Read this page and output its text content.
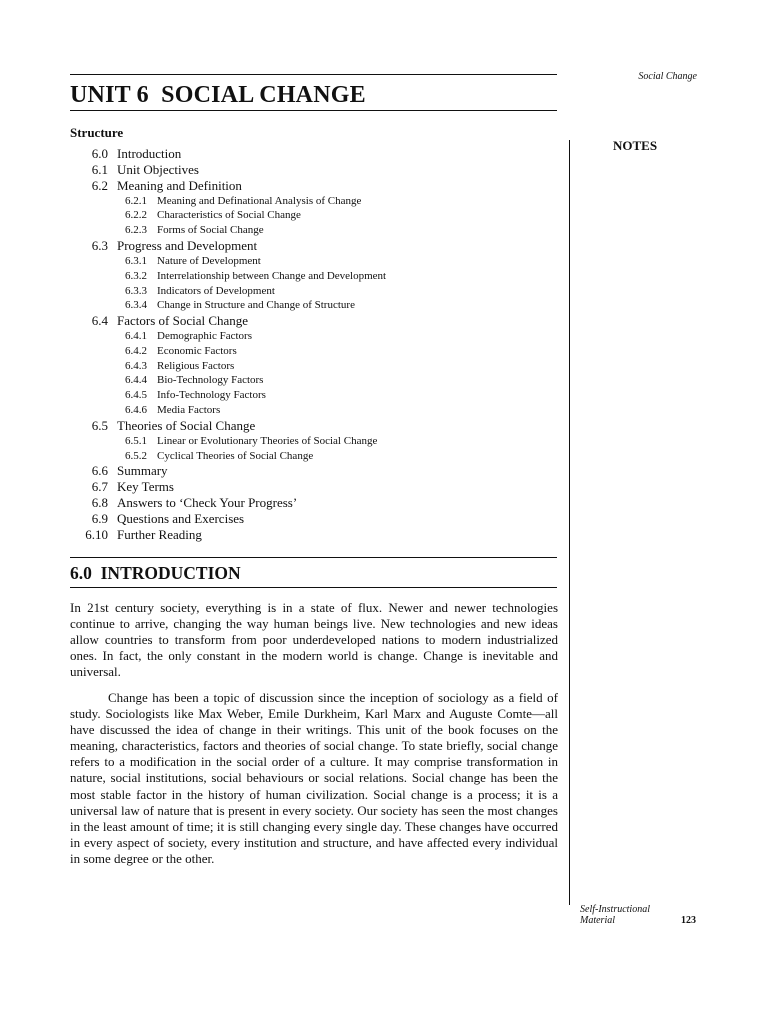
Social Change
UNIT 6  SOCIAL CHANGE
NOTES
Structure
6.0 Introduction
6.1 Unit Objectives
6.2 Meaning and Definition
6.2.1 Meaning and Definational Analysis of Change
6.2.2 Characteristics of Social Change
6.2.3 Forms of Social Change
6.3 Progress and Development
6.3.1 Nature of Development
6.3.2 Interrelationship between Change and Development
6.3.3 Indicators of Development
6.3.4 Change in Structure and Change of Structure
6.4 Factors of Social Change
6.4.1 Demographic Factors
6.4.2 Economic Factors
6.4.3 Religious Factors
6.4.4 Bio-Technology Factors
6.4.5 Info-Technology Factors
6.4.6 Media Factors
6.5 Theories of Social Change
6.5.1 Linear or Evolutionary Theories of Social Change
6.5.2 Cyclical Theories of Social Change
6.6 Summary
6.7 Key Terms
6.8 Answers to ‘Check Your Progress’
6.9 Questions and Exercises
6.10 Further Reading
6.0  INTRODUCTION
In 21st century society, everything is in a state of flux. Newer and newer technologies continue to arrive, changing the way human beings live. New technologies and new ideas allow countries to transform from poor underdeveloped nations to modern industrialized ones. In fact, the only constant in the modern world is change. Change is inevitable and universal.
Change has been a topic of discussion since the inception of sociology as a field of study. Sociologists like Max Weber, Emile Durkheim, Karl Marx and Auguste Comte—all have discussed the idea of change in their writings. This unit of the book focuses on the meaning, characteristics, factors and theories of social change. To state briefly, social change refers to a modification in the social order of a culture. It may comprise transformation in nature, social institutions, social behaviours or social relations. Social change has been the most stable factor in the history of human civilization. Social change is a process; it is a universal law of nature that is present in every society. Our society has seen the most changes in the least amount of time; it is still changing every single day. These changes have occurred in every aspect of society, every institution and structure, and have affected every individual in some degree or the other.
Self-Instructional
Material	123
